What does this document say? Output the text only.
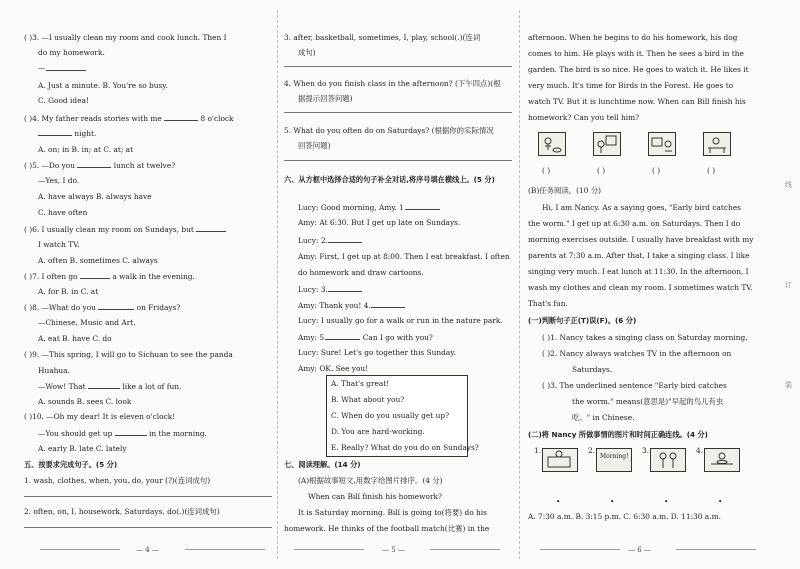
( )3. —I usually clean my room and cook lunch. Then I
do my homework.
—
A. Just a minute. B. You're so busy.
C. Good idea!
( )4. My father reads stories with me	8 o'clock
night.
A. on; in B. in; at C. at; at
( )5. —Do you	lunch at twelve?
—Yes, I do.
A. have always B. always have
C. have often
( )6. I usually clean my room on Sundays, but
I watch TV.
A. often B. sometimes C. always
( )7. I often go	a walk in the evening.
A. for B. in C. at
( )8. —What do you	on Fridays?
—Chinese, Music and Art.
A. eat B. have C. do
( )9. —This spring, I will go to Sichuan to see the panda
Huahua.
—Wow! That	like a lot of fun.
A. sounds B. sees C. look
( )10. —Oh my dear! It is eleven o'clock!
—You should get up	in the morning.
A. early B. late C. lately
五、按要求完成句子。(5 分)
1. wash, clothes, when, you, do, your (?)(连词成句)
2. often, on, I, housework, Saturdays, do(.)(连词成句)
— 4 —
3. after, basketball, sometimes, I, play, school(.)(连词
成句)
4. When do you finish class in the afternoon? (下午四点)(根
据提示回答问题)
5. What do you often do on Saturdays? (根据你的实际情况
回答问题)
六、从方框中选择合适的句子补全对话,将序号填在横线上。(5 分)
Lucy: Good morning, Amy. 1.
Amy: At 6:30. But I get up late on Sundays.
Lucy: 2.
Amy: First, I get up at 8:00. Then I eat breakfast. I often
do homework and draw cartoons.
Lucy: 3.
Amy: Thank you! 4.
Lucy: I usually go for a walk or run in the nature park.
Amy: 5.	Can I go with you?
Lucy: Sure! Let's go together this Sunday.
Amy: OK. See you!
A. That's great!
B. What about you?
C. When do you usually get up?
D. You are hard-working.
E. Really? What do you do on Sundays?
七、阅读理解。(14 分)
(A)根据故事短文,用数字给图片排序。(4 分)
When can Bill finish his homework?
It is Saturday morning. Bill is going to(将要) do his
homework. He thinks of the football match(比赛) in the
— 5 —
afternoon. When he begins to do his homework, his dog
comes to him. He plays with it. Then he sees a bird in the
garden. The bird is so nice. He goes to watch it. He likes it
very much. It's time for Birds in the Forest. He goes to
watch TV. But it is lunchtime now. When can Bill finish his
homework? Can you tell him?
( )	( )	( )	( )
(B)任务阅读。(10 分)
Hi, I am Nancy. As a saying goes, "Early bird catches
the worm." I get up at 6:30 a.m. on Saturdays. Then I do
morning exercises outside. I usually have breakfast with my
parents at 7:30 a.m. After that, I take a singing class. I like
singing very much. I eat lunch at 11:30. In the afternoon, I
wash my clothes and clean my room. I sometimes watch TV.
That's fun.
(一)判断句子正(T)误(F)。(6 分)
( )1. Nancy takes a singing class on Saturday morning.
( )2. Nancy always watches TV in the afternoon on
Saturdays.
( )3. The underlined sentence "Early bird catches
the worm." means(意思是)"早起的鸟儿有虫
吃。" in Chinese.
(二)将 Nancy 所做事情的图片和时间正确连线。(4 分)
1.	2.
Morning!
3.	4.
•	•	•	•
A. 7:30 a.m. B. 3:15 p.m. C. 6:30 a.m. D. 11:30 a.m.
— 6 —
线
订
装
